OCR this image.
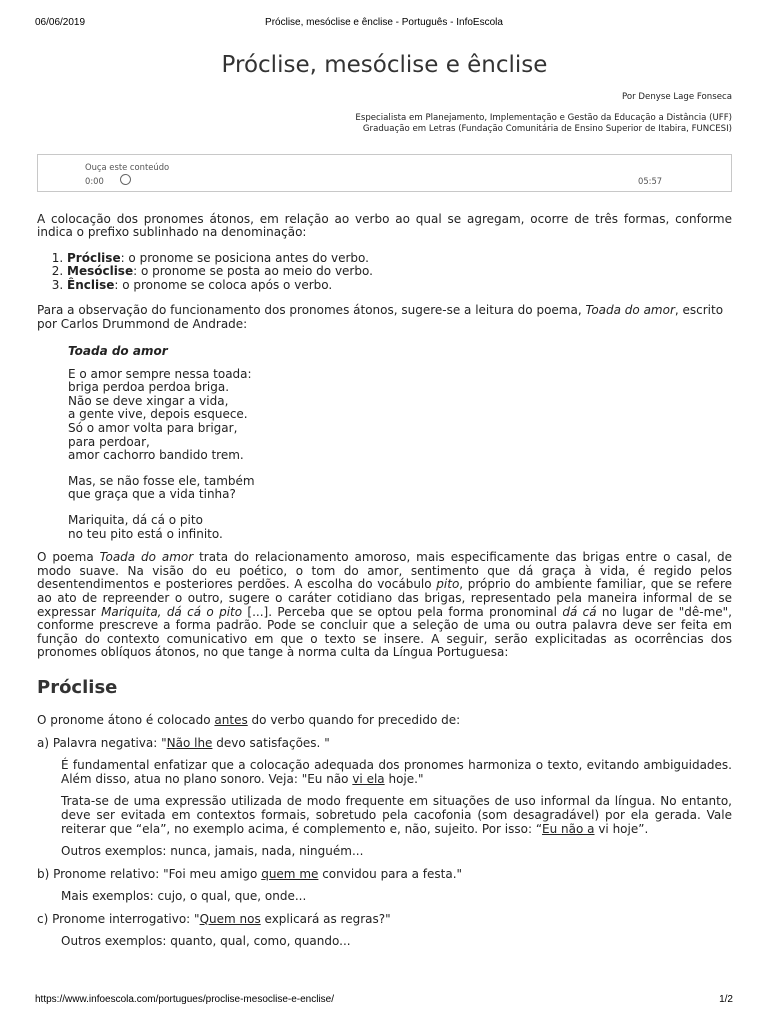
06/06/2019	Próclise, mesóclise e ênclise - Português - InfoEscola
Próclise, mesóclise e ênclise
Por Denyse Lage Fonseca
Especialista em Planejamento, Implementação e Gestão da Educação a Distância (UFF)
Graduação em Letras (Fundação Comunitária de Ensino Superior de Itabira, FUNCESI)
Ouça este conteúdo
0:00	05:57

A colocação dos pronomes átonos, em relação ao verbo ao qual se agregam, ocorre de três formas, conforme indica o prefixo sublinhado na denominação:

1. Próclise: o pronome se posiciona antes do verbo.
2. Mesóclise: o pronome se posta ao meio do verbo.
3. Ênclise: o pronome se coloca após o verbo.

Para a observação do funcionamento dos pronomes átonos, sugere-se a leitura do poema, Toada do amor, escrito por Carlos Drummond de Andrade:

Toada do amor
E o amor sempre nessa toada:
briga perdoa perdoa briga.
Não se deve xingar a vida,
a gente vive, depois esquece.
Só o amor volta para brigar,
para perdoar,
amor cachorro bandido trem.
Mas, se não fosse ele, também
que graça que a vida tinha?
Mariquita, dá cá o pito
no teu pito está o infinito.

O poema Toada do amor trata do relacionamento amoroso, mais especificamente das brigas entre o casal, de modo suave. Na visão do eu poético, o tom do amor, sentimento que dá graça à vida, é regido pelos desentendimentos e posteriores perdões. A escolha do vocábulo pito, próprio do ambiente familiar, que se refere ao ato de repreender o outro, sugere o caráter cotidiano das brigas, representado pela maneira informal de se expressar Mariquita, dá cá o pito [...]. Perceba que se optou pela forma pronominal dá cá no lugar de "dê-me", conforme prescreve a forma padrão. Pode se concluir que a seleção de uma ou outra palavra deve ser feita em função do contexto comunicativo em que o texto se insere. A seguir, serão explicitadas as ocorrências dos pronomes oblíquos átonos, no que tange à norma culta da Língua Portuguesa:

Próclise

O pronome átono é colocado antes do verbo quando for precedido de:

a) Palavra negativa: "Não lhe devo satisfações. "

É fundamental enfatizar que a colocação adequada dos pronomes harmoniza o texto, evitando ambiguidades. Além disso, atua no plano sonoro. Veja: "Eu não vi ela hoje."

Trata-se de uma expressão utilizada de modo frequente em situações de uso informal da língua. No entanto, deve ser evitada em contextos formais, sobretudo pela cacofonia (som desagradável) por ela gerada. Vale reiterar que “ela”, no exemplo acima, é complemento e, não, sujeito. Por isso: “Eu não a vi hoje”.

Outros exemplos: nunca, jamais, nada, ninguém...

b) Pronome relativo: "Foi meu amigo quem me convidou para a festa."

Mais exemplos: cujo, o qual, que, onde...

c) Pronome interrogativo: "Quem nos explicará as regras?"

Outros exemplos: quanto, qual, como, quando...

https://www.infoescola.com/portugues/proclise-mesoclise-e-enclise/	1/2
